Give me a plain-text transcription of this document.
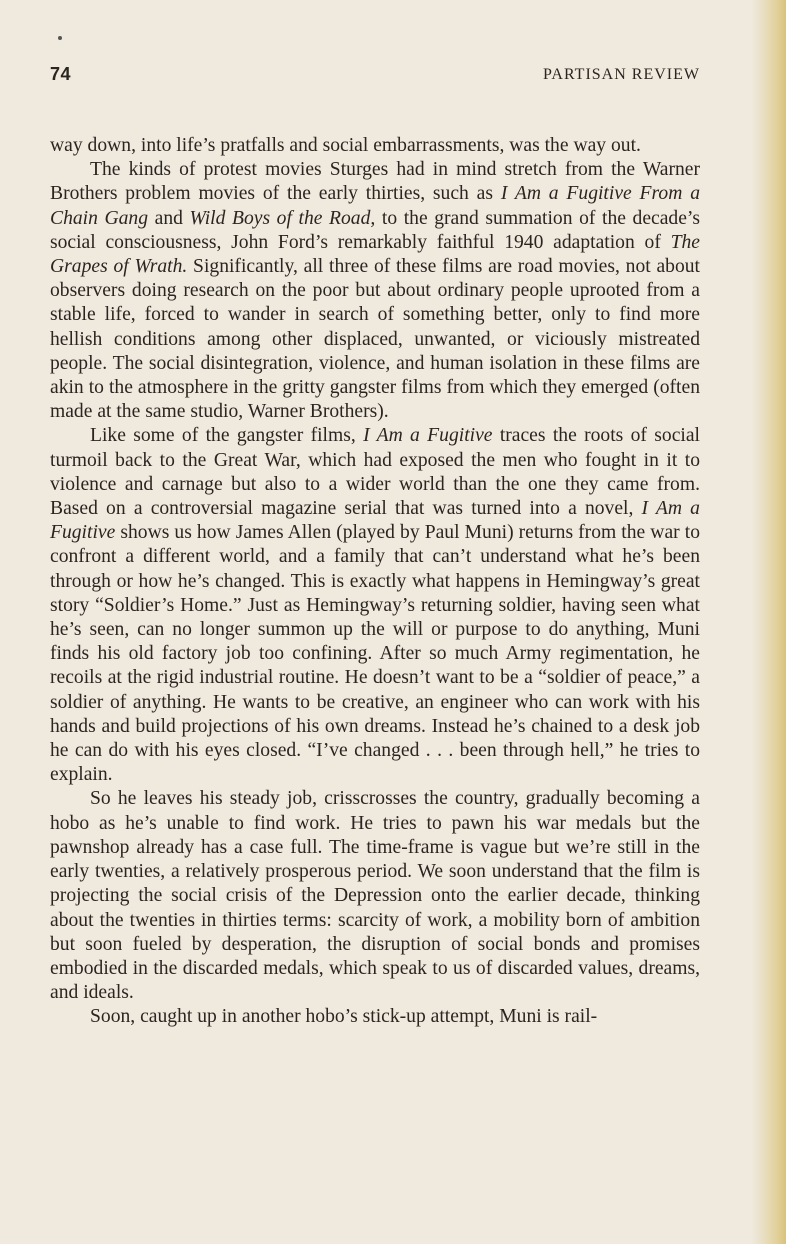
74	PARTISAN REVIEW

way down, into life’s pratfalls and social embarrassments, was the way out.

The kinds of protest movies Sturges had in mind stretch from the Warner Brothers problem movies of the early thirties, such as I Am a Fugitive From a Chain Gang and Wild Boys of the Road, to the grand summation of the decade’s social consciousness, John Ford’s remarkably faithful 1940 adaptation of The Grapes of Wrath. Significantly, all three of these films are road movies, not about observers doing research on the poor but about ordinary people uprooted from a stable life, forced to wander in search of something better, only to find more hellish conditions among other displaced, unwanted, or viciously mistreated people. The social disintegration, violence, and human isolation in these films are akin to the atmosphere in the gritty gangster films from which they emerged (often made at the same studio, Warner Brothers).

Like some of the gangster films, I Am a Fugitive traces the roots of social turmoil back to the Great War, which had exposed the men who fought in it to violence and carnage but also to a wider world than the one they came from. Based on a controversial magazine serial that was turned into a novel, I Am a Fugitive shows us how James Allen (played by Paul Muni) returns from the war to confront a different world, and a family that can’t understand what he’s been through or how he’s changed. This is exactly what happens in Hemingway’s great story “Soldier’s Home.” Just as Hemingway’s returning soldier, having seen what he’s seen, can no longer summon up the will or purpose to do anything, Muni finds his old factory job too confining. After so much Army regimentation, he recoils at the rigid industrial routine. He doesn’t want to be a “soldier of peace,” a soldier of anything. He wants to be creative, an engineer who can work with his hands and build projections of his own dreams. Instead he’s chained to a desk job he can do with his eyes closed. “I’ve changed . . . been through hell,” he tries to explain.

So he leaves his steady job, crisscrosses the country, gradually becoming a hobo as he’s unable to find work. He tries to pawn his war medals but the pawnshop already has a case full. The time-frame is vague but we’re still in the early twenties, a relatively prosperous period. We soon understand that the film is projecting the social crisis of the Depression onto the earlier decade, thinking about the twenties in thirties terms: scarcity of work, a mobility born of ambition but soon fueled by desperation, the disruption of social bonds and promises embodied in the discarded medals, which speak to us of discarded values, dreams, and ideals.

Soon, caught up in another hobo’s stick-up attempt, Muni is rail-
